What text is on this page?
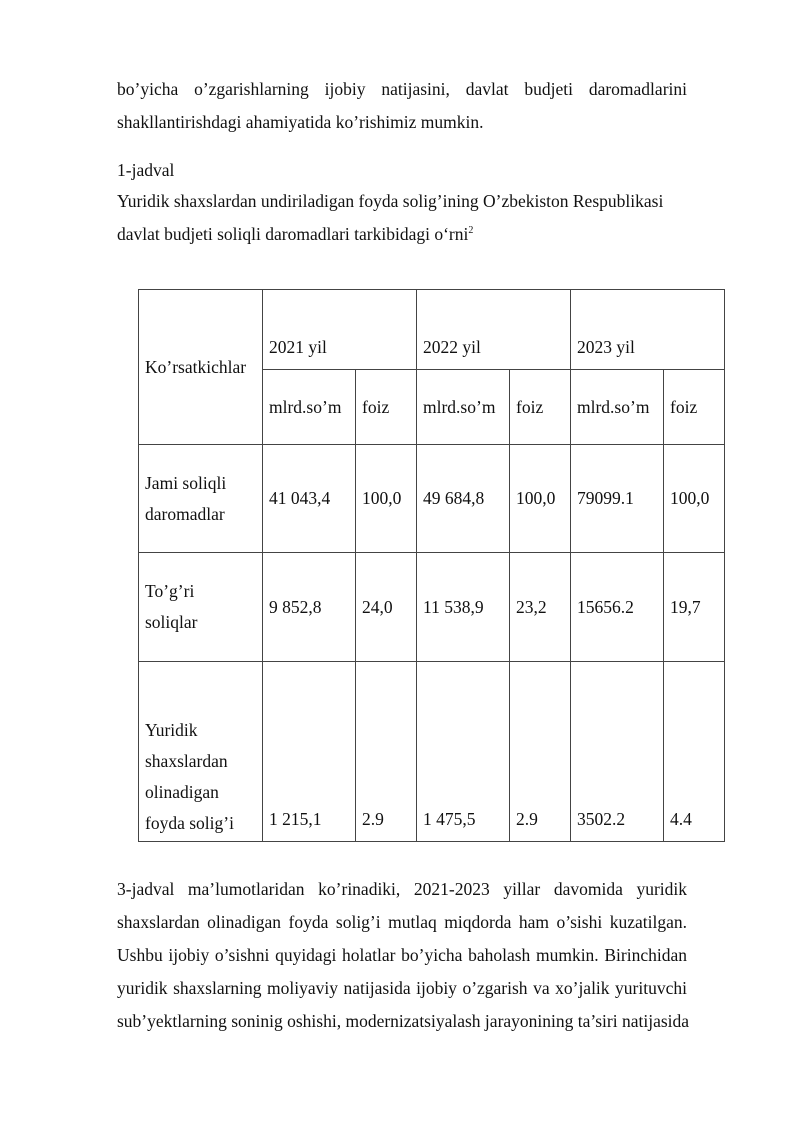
bo’yicha o’zgarishlarning ijobiy natijasini, davlat budjeti daromadlarini
shakllantirishdagi ahamiyatida ko’rishimiz mumkin.

1-jadval

Yuridik shaxslardan undiriladigan foyda solig’ining O’zbekiston Respublikasi

davlat budjeti soliqli daromadlari tarkibidagi o‘rni$^2$

Ko’rsatkichlar	2021 yil		2022 yil		2023 yil	
	mlrd.so’m	foiz	mlrd.so’m	foiz	mlrd.so’m	foiz

Jami soliqli
daromadlar	41 043,4	100,0	49 684,8	100,0	79099.1	100,0

To’g’ri
soliqlar	9 852,8	24,0	11 538,9	23,2	15656.2	19,7

Yuridik
shaxslardan
olinadigan
foyda solig’i	1 215,1	2.9	1 475,5	2.9	3502.2	4.4

3-jadval ma’lumotlaridan ko’rinadiki, 2021-2023 yillar davomida yuridik
shaxslardan olinadigan foyda solig’i mutlaq miqdorda ham o’sishi kuzatilgan.
Ushbu ijobiy o’sishni quyidagi holatlar bo’yicha baholash mumkin. Birinchidan
yuridik shaxslarning moliyaviy natijasida ijobiy o’zgarish va xo’jalik yurituvchi
sub’yektlarning soninig oshishi, modernizatsiyalash jarayonining ta’siri natijasida
